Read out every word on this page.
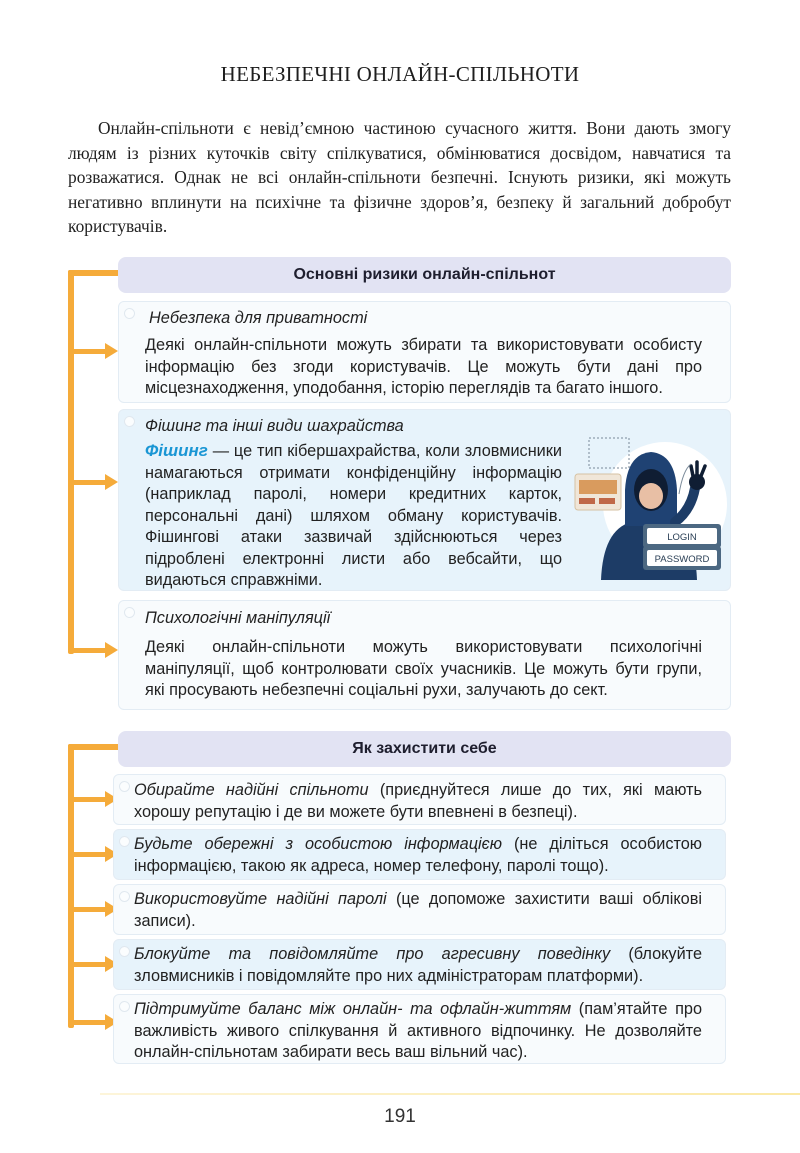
НЕБЕЗПЕЧНІ ОНЛАЙН-СПІЛЬНОТИ
Онлайн-спільноти є невід’ємною частиною сучасного життя. Вони дають змогу людям із різних куточків світу спілкуватися, обмінюватися досвідом, навчатися та розважатися. Однак не всі онлайн-спільноти безпечні. Існують ризики, які можуть негативно вплинути на психічне та фізичне здоров’я, безпеку й загальний добробут користувачів.
Основні ризики онлайн-спільнот
Небезпека для приватності
Деякі онлайн-спільноти можуть збирати та використовувати особисту інформацію без згоди користувачів. Це можуть бути дані про місцезнаходження, уподобання, історію переглядів та багато іншого.
Фішинг та інші види шахрайства
Фішинг — це тип кібершахрайства, коли зловмисники намагаються отримати конфіденційну інформацію (наприклад паролі, номери кредитних карток, персональні дані) шляхом обману користувачів. Фішингові атаки зазвичай здійснюються через підроблені електронні листи або вебсайти, що видаються справжніми.
LOGIN
PASSWORD
Психологічні маніпуляції
Деякі онлайн-спільноти можуть використовувати психологічні маніпуляції, щоб контролювати своїх учасників. Це можуть бути групи, які просувають небезпечні соціальні рухи, залучають до сект.
Як захистити себе
Обирайте надійні спільноти (приєднуйтеся лише до тих, які мають хорошу репутацію і де ви можете бути впевнені в безпеці).
Будьте обережні з особистою інформацією (не діліться особистою інформацією, такою як адреса, номер телефону, паролі тощо).
Використовуйте надійні паролі (це допоможе захистити ваші облікові записи).
Блокуйте та повідомляйте про агресивну поведінку (блокуйте зловмисників і повідомляйте про них адміністраторам платформи).
Підтримуйте баланс між онлайн- та офлайн-життям (пам’ятайте про важливість живого спілкування й активного відпочинку. Не дозволяйте онлайн-спільнотам забирати весь ваш вільний час).
191
